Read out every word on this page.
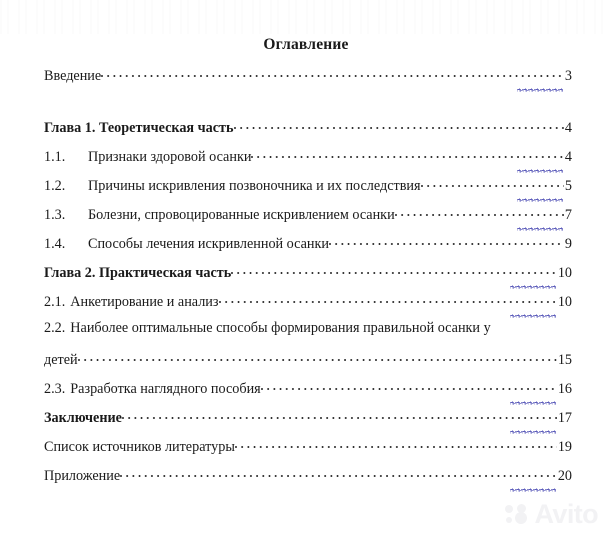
Оглавление
Введение	3
Глава 1. Теоретическая часть	4
1.1.	Признаки здоровой осанки	4
1.2.	Причины искривления позвоночника и их последствия	5
1.3.	Болезни, спровоцированные искривлением осанки	7
1.4.	Способы лечения искривленной осанки	9
Глава 2. Практическая часть	10
2.1. Анкетирование и анализ	10
2.2. Наиболее оптимальные способы формирования правильной осанки у
детей	15
2.3. Разработка наглядного пособия	16
Заключение	17
Список источников литературы	19
Приложение	20
Avito
